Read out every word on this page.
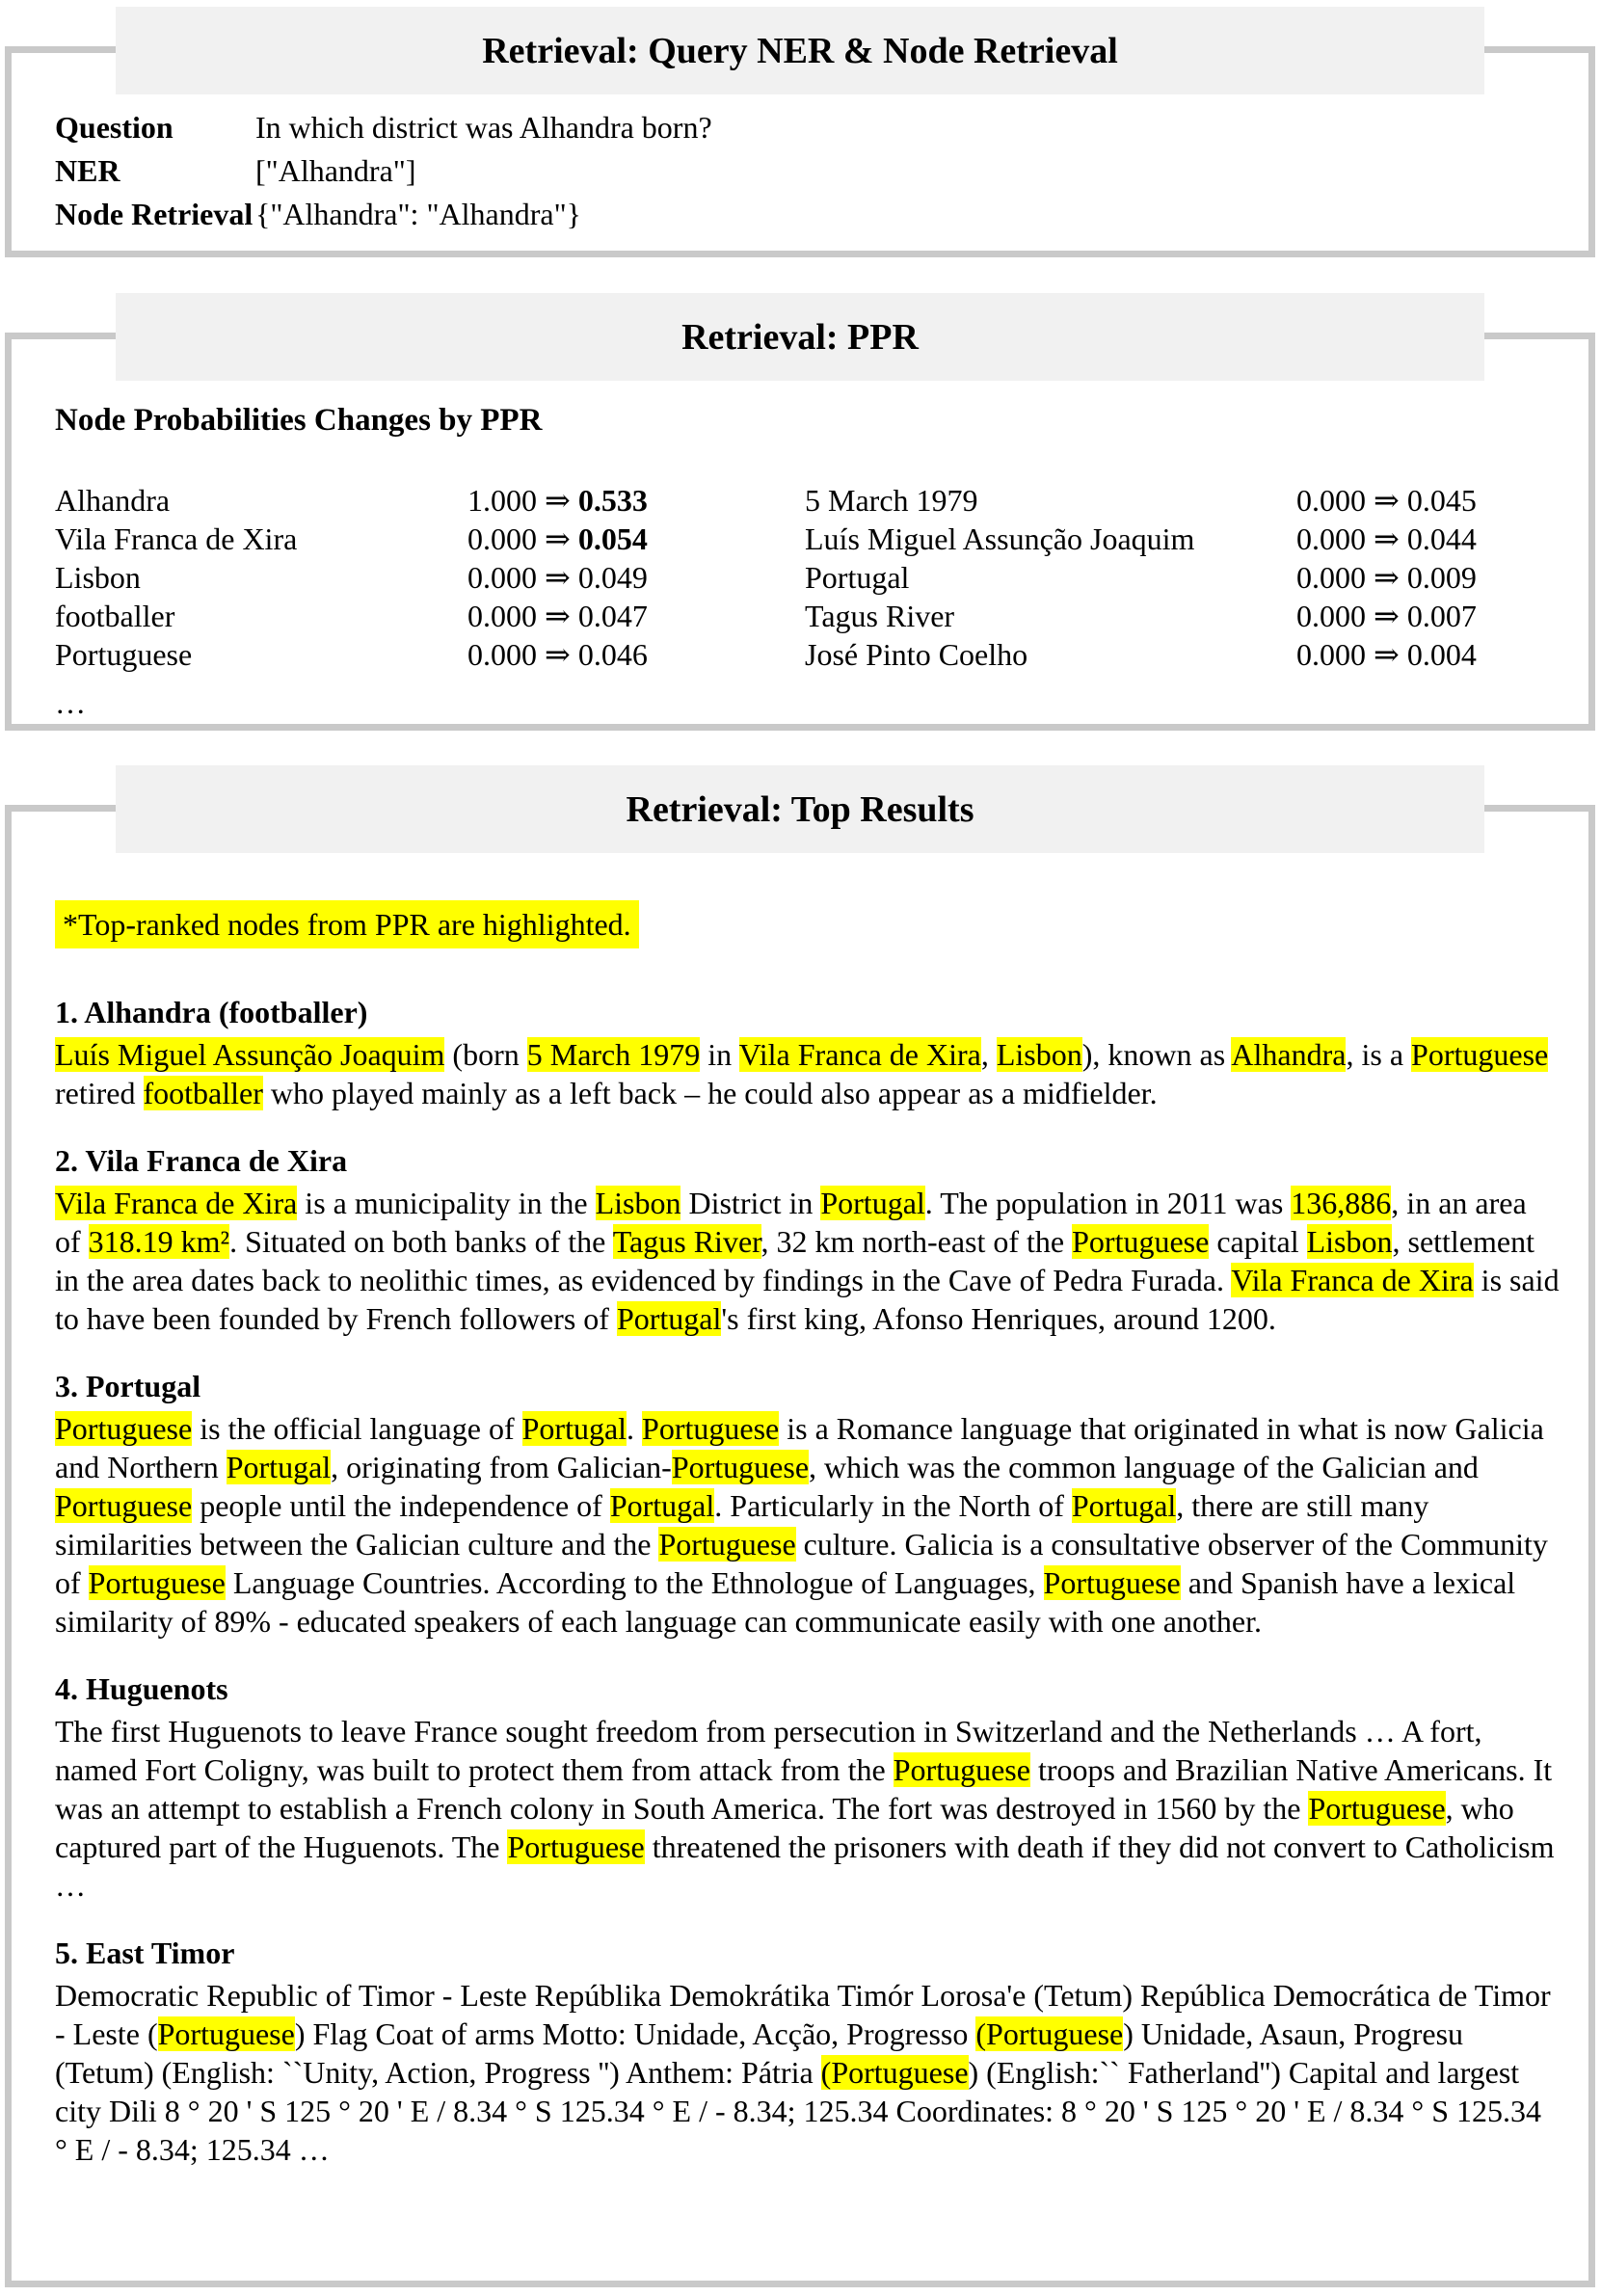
Retrieval: Query NER & Node Retrieval
Question	In which district was Alhandra born?
NER	["Alhandra"]
Node Retrieval {"Alhandra": "Alhandra"}
Retrieval: PPR
Node Probabilities Changes by PPR
Alhandra	1.000 ⇒ 0.533	5 March 1979	0.000 ⇒ 0.045
Vila Franca de Xira	0.000 ⇒ 0.054	Luís Miguel Assunção Joaquim	0.000 ⇒ 0.044
Lisbon	0.000 ⇒ 0.049	Portugal	0.000 ⇒ 0.009
footballer	0.000 ⇒ 0.047	Tagus River	0.000 ⇒ 0.007
Portuguese	0.000 ⇒ 0.046	José Pinto Coelho	0.000 ⇒ 0.004
…
Retrieval: Top Results
*Top-ranked nodes from PPR are highlighted.
1. Alhandra (footballer)
Luís Miguel Assunção Joaquim (born 5 March 1979 in Vila Franca de Xira, Lisbon), known as Alhandra, is a Portuguese retired footballer who played mainly as a left back – he could also appear as a midfielder.
2. Vila Franca de Xira
Vila Franca de Xira is a municipality in the Lisbon District in Portugal. The population in 2011 was 136,886, in an area of 318.19 km². Situated on both banks of the Tagus River, 32 km north-east of the Portuguese capital Lisbon, settlement in the area dates back to neolithic times, as evidenced by findings in the Cave of Pedra Furada. Vila Franca de Xira is said to have been founded by French followers of Portugal's first king, Afonso Henriques, around 1200.
3. Portugal
Portuguese is the official language of Portugal. Portuguese is a Romance language that originated in what is now Galicia and Northern Portugal, originating from Galician-Portuguese, which was the common language of the Galician and Portuguese people until the independence of Portugal. Particularly in the North of Portugal, there are still many similarities between the Galician culture and the Portuguese culture. Galicia is a consultative observer of the Community of Portuguese Language Countries. According to the Ethnologue of Languages, Portuguese and Spanish have a lexical similarity of 89% - educated speakers of each language can communicate easily with one another.
4. Huguenots
The first Huguenots to leave France sought freedom from persecution in Switzerland and the Netherlands … A fort, named Fort Coligny, was built to protect them from attack from the Portuguese troops and Brazilian Native Americans. It was an attempt to establish a French colony in South America. The fort was destroyed in 1560 by the Portuguese, who captured part of the Huguenots. The Portuguese threatened the prisoners with death if they did not convert to Catholicism …
5. East Timor
Democratic Republic of Timor - Leste Repúblika Demokrátika Timór Lorosa'e (Tetum) República Democrática de Timor - Leste (Portuguese) Flag Coat of arms Motto: Unidade, Acção, Progresso (Portuguese) Unidade, Asaun, Progresu (Tetum) (English: ``Unity, Action, Progress '') Anthem: Pátria (Portuguese) (English:`` Fatherland'') Capital and largest city Dili 8 ° 20 ' S 125 ° 20 ' E / 8.34 ° S 125.34 ° E / - 8.34; 125.34 Coordinates: 8 ° 20 ' S 125 ° 20 ' E / 8.34 ° S 125.34 ° E / - 8.34; 125.34 …
